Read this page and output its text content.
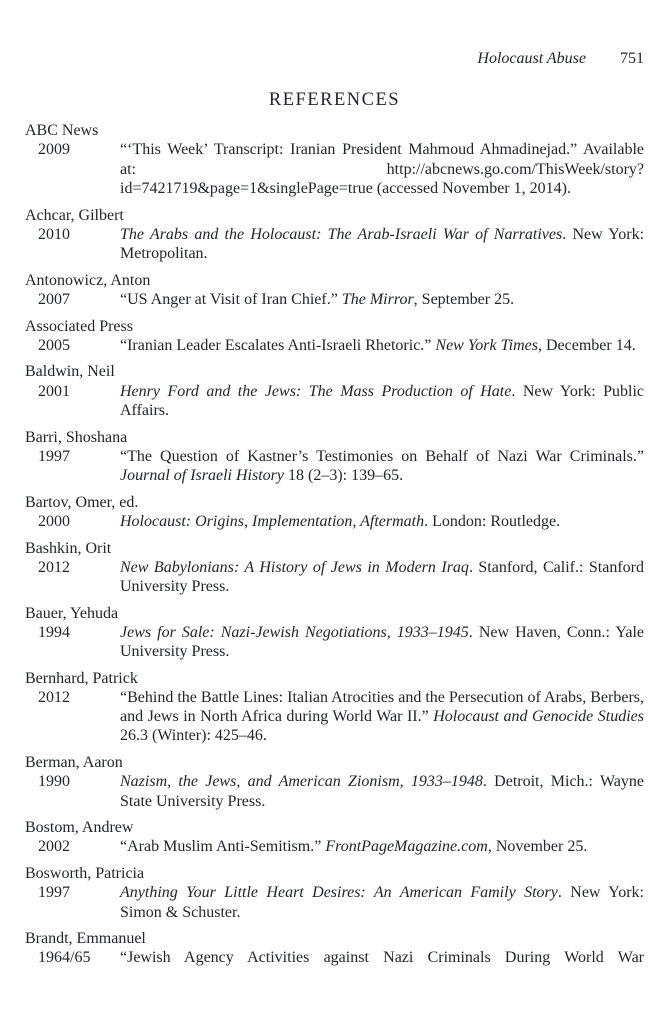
Holocaust Abuse 751
REFERENCES
ABC News
2009	“‘This Week’ Transcript: Iranian President Mahmoud Ahmadinejad.” Available at: http://abcnews.go.com/ThisWeek/​story?id=7421719&page=1&singlePage=true (accessed November 1, 2014).
Achcar, Gilbert
2010	The Arabs and the Holocaust: The Arab-Israeli War of Narratives. New York: Metropolitan.
Antonowicz, Anton
2007	“US Anger at Visit of Iran Chief.” The Mirror, September 25.
Associated Press
2005	“Iranian Leader Escalates Anti-Israeli Rhetoric.” New York Times, December 14.
Baldwin, Neil
2001	Henry Ford and the Jews: The Mass Production of Hate. New York: Public Affairs.
Barri, Shoshana
1997	“The Question of Kastner’s Testimonies on Behalf of Nazi War Criminals.” Journal of Israeli History 18 (2–3): 139–65.
Bartov, Omer, ed.
2000	Holocaust: Origins, Implementation, Aftermath. London: Routledge.
Bashkin, Orit
2012	New Babylonians: A History of Jews in Modern Iraq. Stanford, Calif.: Stanford University Press.
Bauer, Yehuda
1994	Jews for Sale: Nazi-Jewish Negotiations, 1933–1945. New Haven, Conn.: Yale University Press.
Bernhard, Patrick
2012	“Behind the Battle Lines: Italian Atrocities and the Persecution of Arabs, Berbers, and Jews in North Africa during World War II.” Holocaust and Genocide Studies 26.3 (Winter): 425–46.
Berman, Aaron
1990	Nazism, the Jews, and American Zionism, 1933–1948. Detroit, Mich.: Wayne State University Press.
Bostom, Andrew
2002	“Arab Muslim Anti-Semitism.” FrontPageMagazine.com, November 25.
Bosworth, Patricia
1997	Anything Your Little Heart Desires: An American Family Story. New York: Simon & Schuster.
Brandt, Emmanuel
1964/65 “Jewish Agency Activities against Nazi Criminals During World War
